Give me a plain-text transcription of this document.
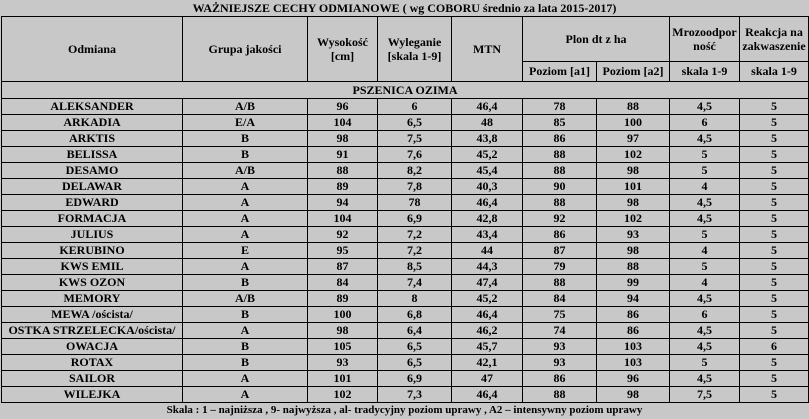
WAŻNIEJSZE CECHY ODMIANOWE ( wg COBORU średnio za lata 2015-2017)
Odmiana	Grupa jakości	Wysokość [cm]	Wyleganie [skala 1-9]	MTN	Plon dt z ha		Mrozoodpor ność	Reakcja na zakwaszenie
					Poziom [a1]	Poziom [a2]	skala 1-9	skala 1-9
PSZENICA OZIMA								
ALEKSANDER	A/B	96	6	46,4	78	88	4,5	5
ARKADIA	E/A	104	6,5	48	85	100	6	5
ARKTIS	B	98	7,5	43,8	86	97	4,5	5
BELISSA	B	91	7,6	45,2	88	102	5	5
DESAMO	A/B	88	8,2	45,4	88	98	5	5
DELAWAR	A	89	7,8	40,3	90	101	4	5
EDWARD	A	94	78	46,4	88	98	4,5	5
FORMACJA	A	104	6,9	42,8	92	102	4,5	5
JULIUS	A	92	7,2	43,4	86	93	5	5
KERUBINO	E	95	7,2	44	87	98	4	5
KWS EMIL	A	87	8,5	44,3	79	88	5	5
KWS OZON	B	84	7,4	47,4	88	99	4	5
MEMORY	A/B	89	8	45,2	84	94	4,5	5
MEWA /oścista/	B	100	6,8	46,4	75	86	6	5
OSTKA STRZELECKA/oścista/	A	98	6,4	46,2	74	86	4,5	5
OWACJA	B	105	6,5	45,7	93	103	4,5	6
ROTAX	B	93	6,5	42,1	93	103	5	5
SAILOR	A	101	6,9	47	86	96	4,5	5
WILEJKA	A	102	7,3	46,4	88	98	7,5	5
Skala : 1 – najniższa , 9- najwyższa , al- tradycyjny poziom uprawy , A2 – intensywny poziom uprawy
